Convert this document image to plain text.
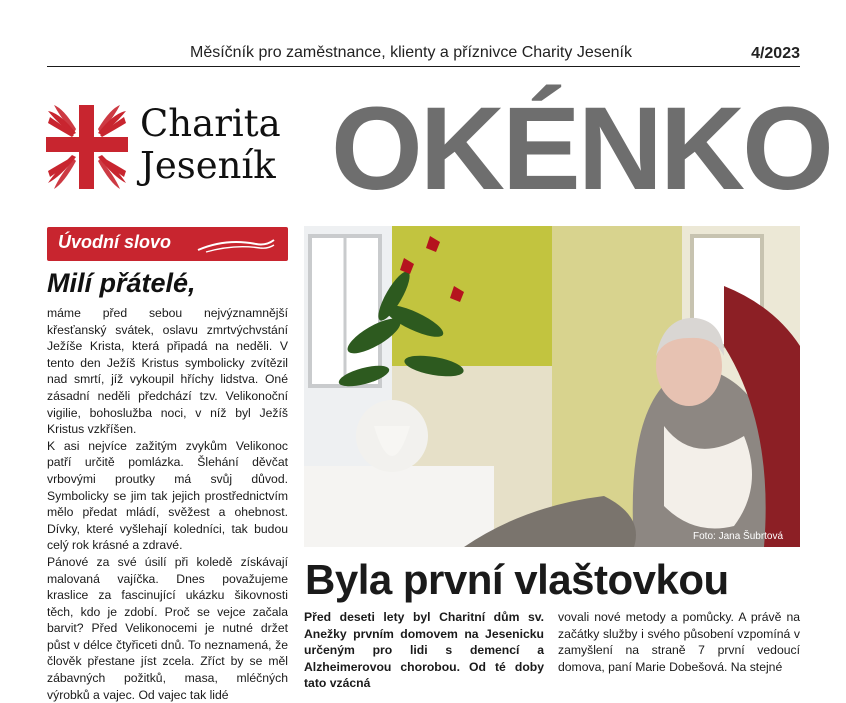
Měsíčník pro zaměstnance, klienty a příznivce Charity Jeseník	4/2023
Charita
Jeseník OKÉNKO
Úvodní slovo
Milí přátelé,

máme před sebou nejvýznamnější křesťanský svátek, oslavu zmrtvýchvstání Ježíše Krista, která připadá na neděli. V tento den Ježíš Kristus symbolicky zvítězil nad smrtí, jíž vykoupil hříchy lidstva. Oné zásadní neděli předchází tzv. Velikonoční vigilie, bohoslužba noci, v níž byl Ježíš Kristus vzkříšen.

K asi nejvíce zažitým zvykům Velikonoc patří určitě pomlázka. Šlehání děvčat vrbovými proutky má svůj důvod. Symbolicky se jim tak jejich prostřednictvím mělo předat mládí, svěžest a ohebnost. Dívky, které vyšlehají koledníci, tak budou celý rok krásné a zdravé.

Pánové za své úsilí při koledě získávají malovaná vajíčka. Dnes považujeme kraslice za fascinující ukázku šikovnosti těch, kdo je zdobí. Proč se vejce začala barvit? Před Velikonocemi je nutné držet půst v délce čtyřiceti dnů. To neznamená, že člověk přestane jíst zcela. Zříct by se měl zábavných požitků, masa, mléčných výrobků a vajec. Od vajec tak lidé

Foto: Jana Šubrtová
Byla první vlaštovkou
Před deseti lety byl Charitní dům sv. Anežky prvním domovem na Jesenicku určeným pro lidi s demencí a Alzheimerovou chorobou. Od té doby tato vzácná
vovali nové metody a pomůcky. A právě na začátky služby i svého působení vzpomíná v zamyšlení na straně 7 první vedoucí domova, paní Marie Dobešová. Na stejné
